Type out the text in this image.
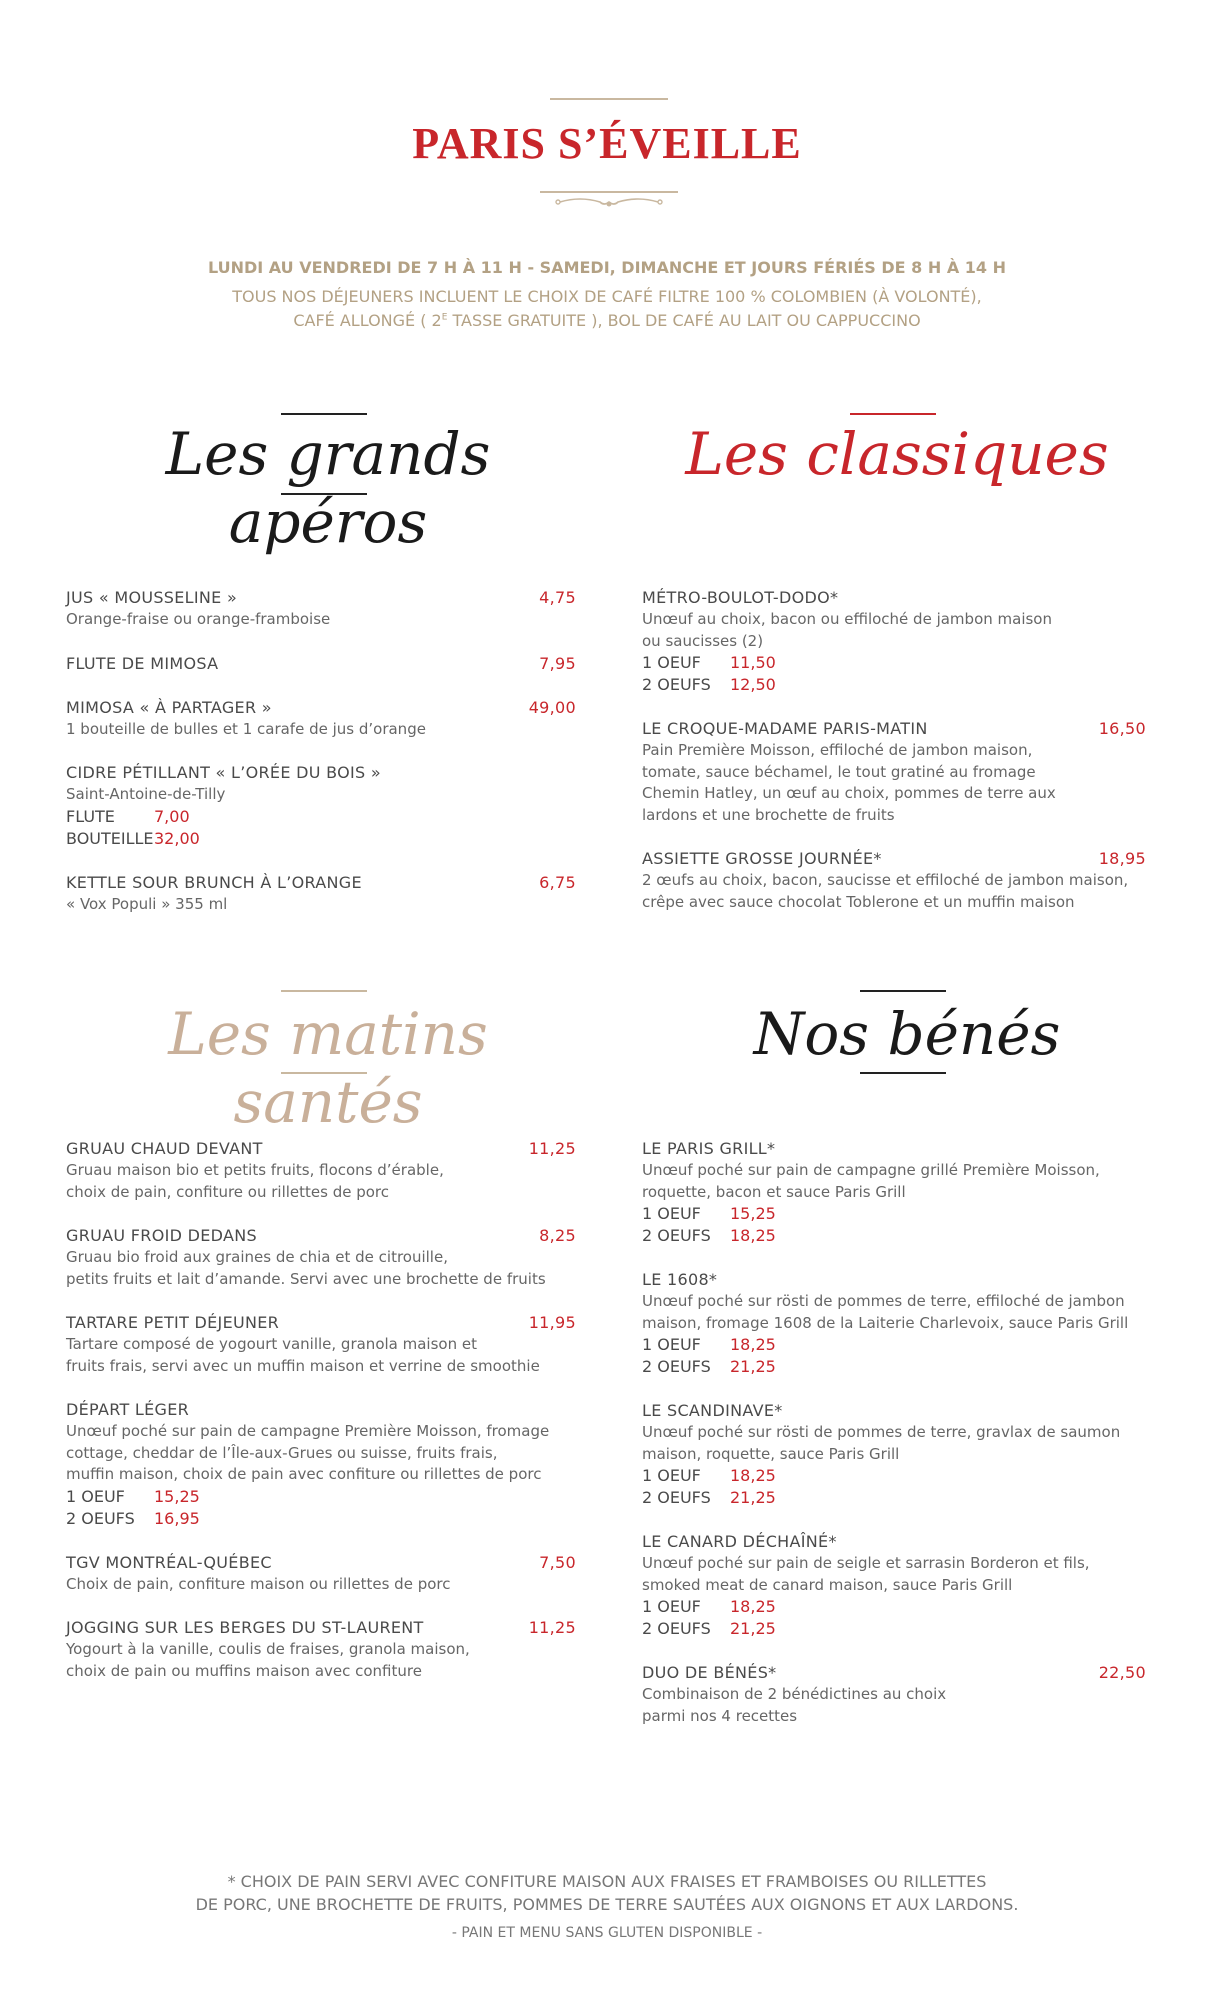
PARIS S’ÉVEILLE
LUNDI AU VENDREDI DE 7 H À 11 H - SAMEDI, DIMANCHE ET JOURS FÉRIÉS DE 8 H À 14 H
TOUS NOS DÉJEUNERS INCLUENT LE CHOIX DE CAFÉ FILTRE 100 % COLOMBIEN (À VOLONTÉ),
CAFÉ ALLONGÉ ( $2^E$ TASSE GRATUITE ), BOL DE CAFÉ AU LAIT OU CAPPUCCINO
Les grands apéros
Les classiques
Les matins santés
Nos bénés
JUS « MOUSSELINE »	4,75
Orange-fraise ou orange-framboise
FLUTE DE MIMOSA	7,95
MIMOSA « À PARTAGER »	49,00
1 bouteille de bulles et 1 carafe de jus d’orange
CIDRE PÉTILLANT « L’ORÉE DU BOIS »
Saint-Antoine-de-Tilly
FLUTE 7,00
BOUTEILLE32,00
KETTLE SOUR BRUNCH À L’ORANGE	6,75
« Vox Populi » 355 ml
MÉTRO-BOULOT-DODO*
Unœuf au choix, bacon ou effiloché de jambon maison
ou saucisses (2)
1 OEUF 11,50
2 OEUFS 12,50
LE CROQUE-MADAME PARIS-MATIN	16,50
Pain Première Moisson, effiloché de jambon maison,
tomate, sauce béchamel, le tout gratiné au fromage
Chemin Hatley, un œuf au choix, pommes de terre aux
lardons et une brochette de fruits
ASSIETTE GROSSE JOURNÉE*	18,95
2 œufs au choix, bacon, saucisse et effiloché de jambon maison,
crêpe avec sauce chocolat Toblerone et un muffin maison
GRUAU CHAUD DEVANT	11,25
Gruau maison bio et petits fruits, flocons d’érable,
choix de pain, confiture ou rillettes de porc
GRUAU FROID DEDANS	8,25
Gruau bio froid aux graines de chia et de citrouille,
petits fruits et lait d’amande. Servi avec une brochette de fruits
TARTARE PETIT DÉJEUNER	11,95
Tartare composé de yogourt vanille, granola maison et
fruits frais, servi avec un muffin maison et verrine de smoothie
DÉPART LÉGER
Unœuf poché sur pain de campagne Première Moisson, fromage
cottage, cheddar de l’Île-aux-Grues ou suisse, fruits frais,
muffin maison, choix de pain avec confiture ou rillettes de porc
1 OEUF 15,25
2 OEUFS 16,95
TGV MONTRÉAL-QUÉBEC	7,50
Choix de pain, confiture maison ou rillettes de porc
JOGGING SUR LES BERGES DU ST-LAURENT	11,25
Yogourt à la vanille, coulis de fraises, granola maison,
choix de pain ou muffins maison avec confiture
LE PARIS GRILL*
Unœuf poché sur pain de campagne grillé Première Moisson,
roquette, bacon et sauce Paris Grill
1 OEUF 15,25
2 OEUFS 18,25
LE 1608*
Unœuf poché sur rösti de pommes de terre, effiloché de jambon
maison, fromage 1608 de la Laiterie Charlevoix, sauce Paris Grill
1 OEUF 18,25
2 OEUFS 21,25
LE SCANDINAVE*
Unœuf poché sur rösti de pommes de terre, gravlax de saumon
maison, roquette, sauce Paris Grill
1 OEUF 18,25
2 OEUFS 21,25
LE CANARD DÉCHAÎNÉ*
Unœuf poché sur pain de seigle et sarrasin Borderon et fils,
smoked meat de canard maison, sauce Paris Grill
1 OEUF 18,25
2 OEUFS 21,25
DUO DE BÉNÉS*	22,50
Combinaison de 2 bénédictines au choix
parmi nos 4 recettes
* CHOIX DE PAIN SERVI AVEC CONFITURE MAISON AUX FRAISES ET FRAMBOISES OU RILLETTES
DE PORC, UNE BROCHETTE DE FRUITS, POMMES DE TERRE SAUTÉES AUX OIGNONS ET AUX LARDONS.
- PAIN ET MENU SANS GLUTEN DISPONIBLE -
